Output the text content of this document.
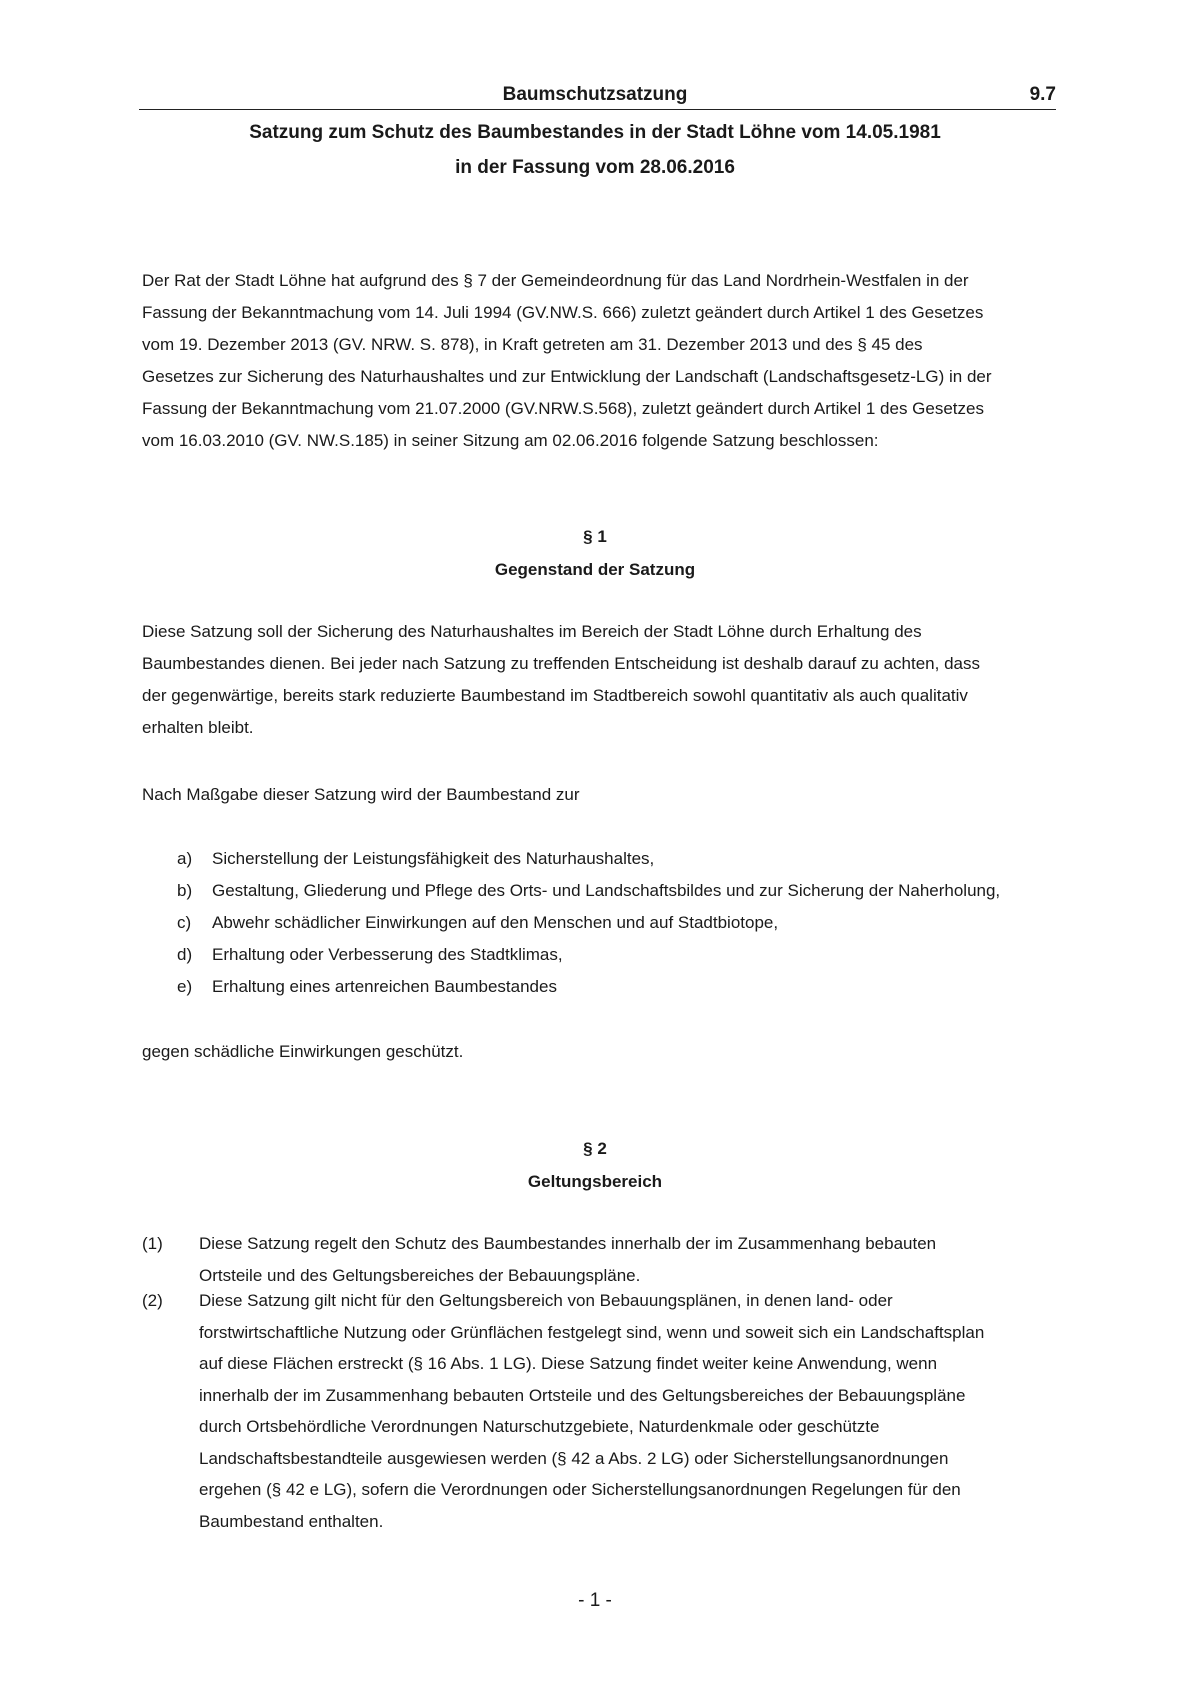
Baumschutzsatzung	9.7
Satzung zum Schutz des Baumbestandes in der Stadt Löhne vom 14.05.1981
in der Fassung vom 28.06.2016
Der Rat der Stadt Löhne hat aufgrund des § 7 der Gemeindeordnung für das Land Nordrhein-Westfalen in der
Fassung der Bekanntmachung vom 14. Juli 1994 (GV.NW.S. 666) zuletzt geändert durch Artikel 1 des Gesetzes
vom 19. Dezember 2013 (GV. NRW. S. 878), in Kraft getreten am 31. Dezember 2013 und des § 45 des
Gesetzes zur Sicherung des Naturhaushaltes und zur Entwicklung der Landschaft (Landschaftsgesetz-LG) in der
Fassung der Bekanntmachung vom 21.07.2000 (GV.NRW.S.568), zuletzt geändert durch Artikel 1 des Gesetzes
vom 16.03.2010 (GV. NW.S.185) in seiner Sitzung am 02.06.2016 folgende Satzung beschlossen:
§ 1
Gegenstand der Satzung
Diese Satzung soll der Sicherung des Naturhaushaltes im Bereich der Stadt Löhne durch Erhaltung des
Baumbestandes dienen. Bei jeder nach Satzung zu treffenden Entscheidung ist deshalb darauf zu achten, dass
der gegenwärtige, bereits stark reduzierte Baumbestand im Stadtbereich sowohl quantitativ als auch qualitativ
erhalten bleibt.
Nach Maßgabe dieser Satzung wird der Baumbestand zur
a) Sicherstellung der Leistungsfähigkeit des Naturhaushaltes,
b) Gestaltung, Gliederung und Pflege des Orts- und Landschaftsbildes und zur Sicherung der Naherholung,
c) Abwehr schädlicher Einwirkungen auf den Menschen und auf Stadtbiotope,
d) Erhaltung oder Verbesserung des Stadtklimas,
e) Erhaltung eines artenreichen Baumbestandes
gegen schädliche Einwirkungen geschützt.
§ 2
Geltungsbereich
(1) Diese Satzung regelt den Schutz des Baumbestandes innerhalb der im Zusammenhang bebauten
Ortsteile und des Geltungsbereiches der Bebauungspläne.
(2) Diese Satzung gilt nicht für den Geltungsbereich von Bebauungsplänen, in denen land- oder
forstwirtschaftliche Nutzung oder Grünflächen festgelegt sind, wenn und soweit sich ein Landschaftsplan
auf diese Flächen erstreckt (§ 16 Abs. 1 LG). Diese Satzung findet weiter keine Anwendung, wenn
innerhalb der im Zusammenhang bebauten Ortsteile und des Geltungsbereiches der Bebauungspläne
durch Ortsbehördliche Verordnungen Naturschutzgebiete, Naturdenkmale oder geschützte
Landschaftsbestandteile ausgewiesen werden (§ 42 a Abs. 2 LG) oder Sicherstellungsanordnungen
ergehen (§ 42 e LG), sofern die Verordnungen oder Sicherstellungsanordnungen Regelungen für den
Baumbestand enthalten.
- 1 -
